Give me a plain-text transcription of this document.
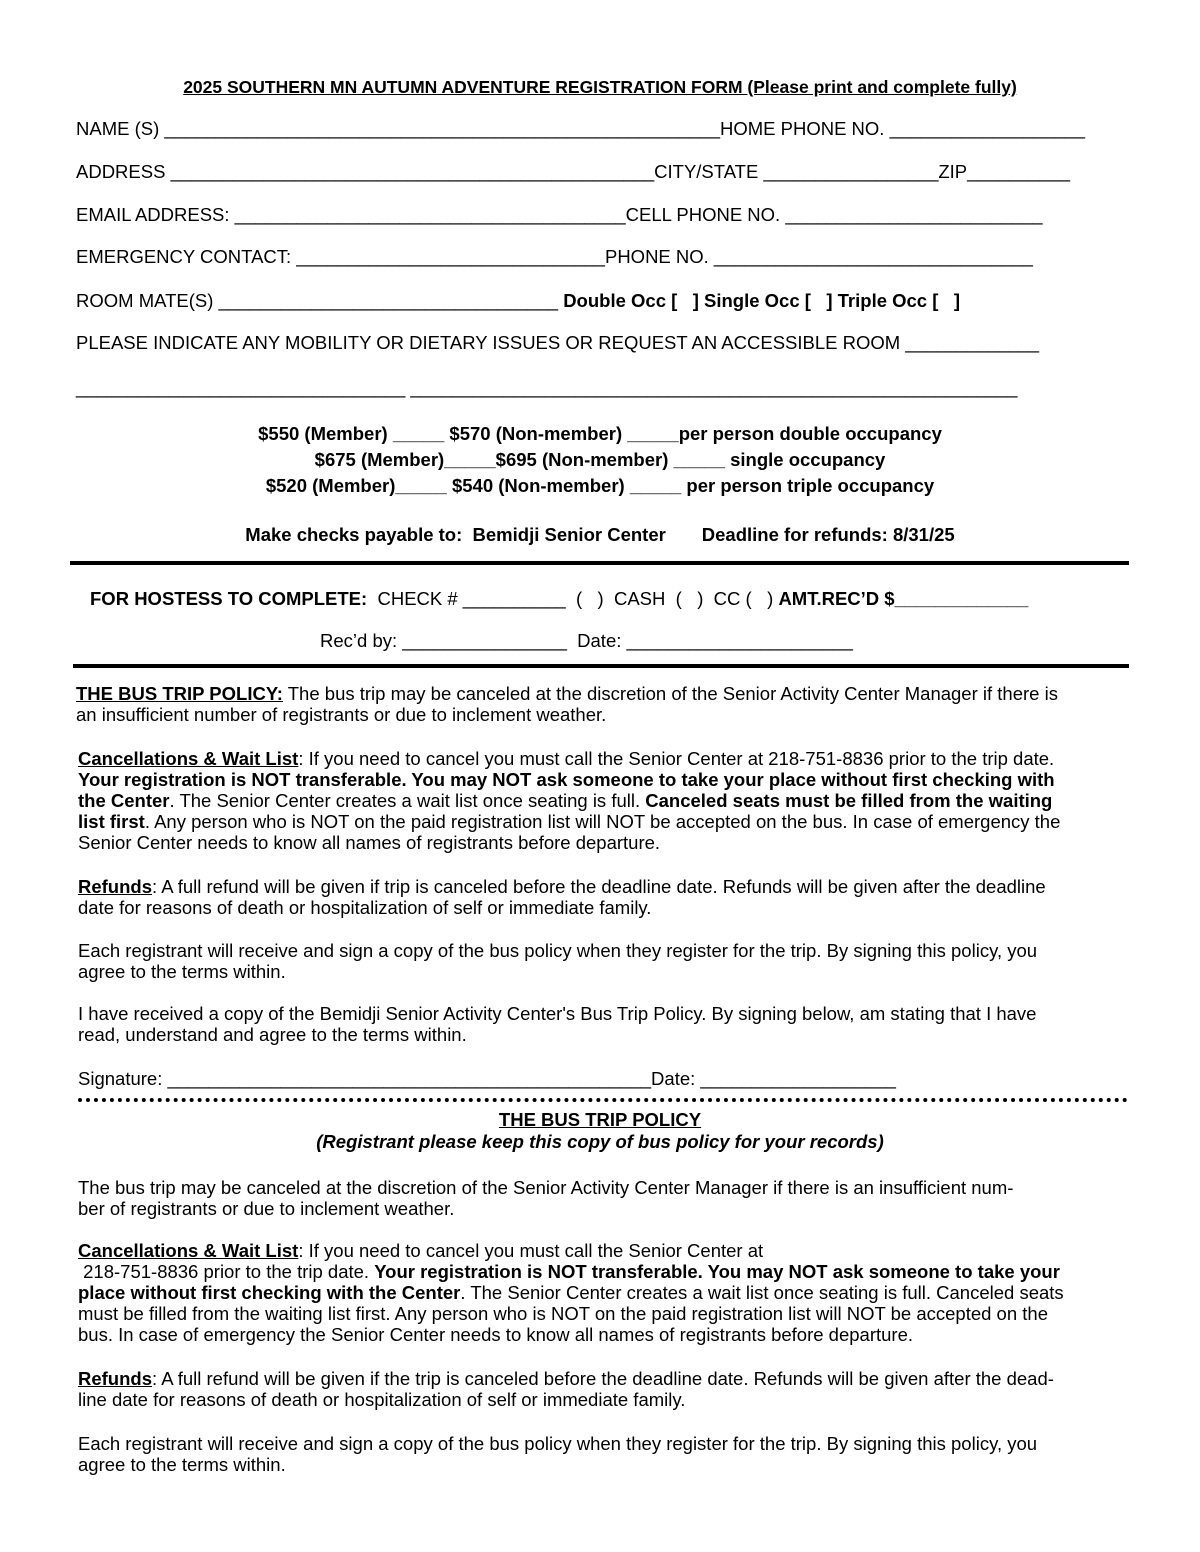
2025 SOUTHERN MN AUTUMN ADVENTURE REGISTRATION FORM (Please print and complete fully)
NAME (S) ______________________________________________________HOME PHONE NO. ___________________
ADDRESS _______________________________________________CITY/STATE _________________ZIP__________
EMAIL ADDRESS: ______________________________________CELL PHONE NO. _________________________
EMERGENCY CONTACT: ______________________________PHONE NO. _______________________________
ROOM MATE(S) _________________________________ Double Occ [   ] Single Occ [   ] Triple Occ [   ]
PLEASE INDICATE ANY MOBILITY OR DIETARY ISSUES OR REQUEST AN ACCESSIBLE ROOM _____________
________________________________ ___________________________________________________________
$550 (Member) _____ $570 (Non-member) _____per person double occupancy
$675 (Member)_____$695 (Non-member) _____ single occupancy
$520 (Member)_____ $540 (Non-member) _____ per person triple occupancy
Make checks payable to:  Bemidji Senior Center       Deadline for refunds: 8/31/25
FOR HOSTESS TO COMPLETE:  CHECK # __________  (   )  CASH  (   )  CC (   ) AMT.REC’D $_____________
Rec’d by: ________________  Date: ______________________
THE BUS TRIP POLICY: The bus trip may be canceled at the discretion of the Senior Activity Center Manager if there is
an insufficient number of registrants or due to inclement weather.
Cancellations & Wait List: If you need to cancel you must call the Senior Center at 218-751-8836 prior to the trip date.
Your registration is NOT transferable. You may NOT ask someone to take your place without first checking with
the Center. The Senior Center creates a wait list once seating is full. Canceled seats must be filled from the waiting
list first. Any person who is NOT on the paid registration list will NOT be accepted on the bus. In case of emergency the
Senior Center needs to know all names of registrants before departure.
Refunds: A full refund will be given if trip is canceled before the deadline date. Refunds will be given after the deadline
date for reasons of death or hospitalization of self or immediate family.
Each registrant will receive and sign a copy of the bus policy when they register for the trip. By signing this policy, you
agree to the terms within.
I have received a copy of the Bemidji Senior Activity Center's Bus Trip Policy. By signing below, am stating that I have
read, understand and agree to the terms within.
Signature: _______________________________________________Date: ___________________
THE BUS TRIP POLICY
(Registrant please keep this copy of bus policy for your records)
The bus trip may be canceled at the discretion of the Senior Activity Center Manager if there is an insufficient num-
ber of registrants or due to inclement weather.
Cancellations & Wait List: If you need to cancel you must call the Senior Center at
218-751-8836 prior to the trip date. Your registration is NOT transferable. You may NOT ask someone to take your
place without first checking with the Center. The Senior Center creates a wait list once seating is full. Canceled seats
must be filled from the waiting list first. Any person who is NOT on the paid registration list will NOT be accepted on the
bus. In case of emergency the Senior Center needs to know all names of registrants before departure.
Refunds: A full refund will be given if the trip is canceled before the deadline date. Refunds will be given after the dead-
line date for reasons of death or hospitalization of self or immediate family.
Each registrant will receive and sign a copy of the bus policy when they register for the trip. By signing this policy, you
agree to the terms within.
